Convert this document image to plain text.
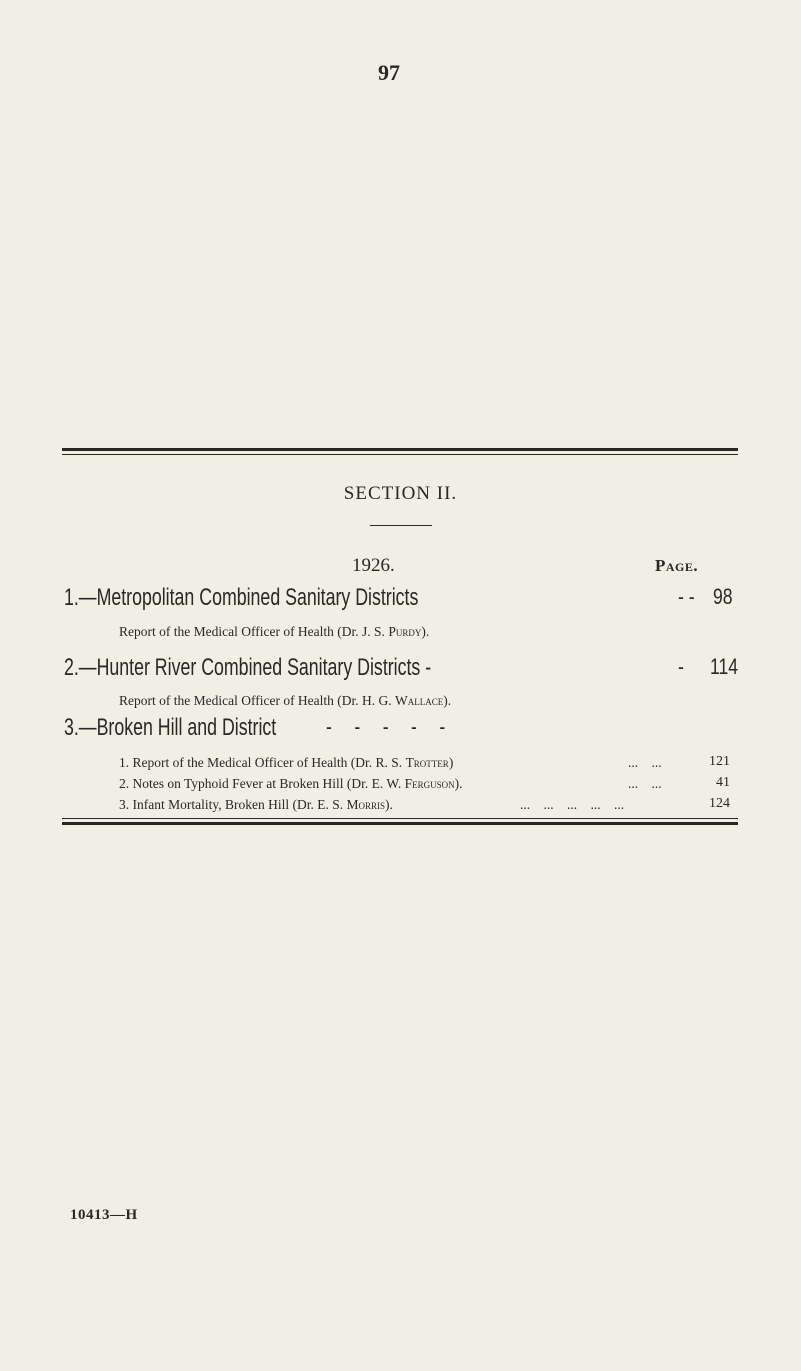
97
SECTION II.
1926.	Page.
1.—Metropolitan Combined Sanitary Districts	- - 98
Report of the Medical Officer of Health (Dr. J. S. Purdy).
2.—Hunter River Combined Sanitary Districts -	- 114
Report of the Medical Officer of Health (Dr. H. G. Wallace).
3.—Broken Hill and District - - - - -
1. Report of the Medical Officer of Health (Dr. R. S. Trotter)	... ...	121
2. Notes on Typhoid Fever at Broken Hill (Dr. E. W. Ferguson).	... ...	41
3. Infant Mortality, Broken Hill (Dr. E. S. Morris).	... ... ... ... ...	124
10413—H
